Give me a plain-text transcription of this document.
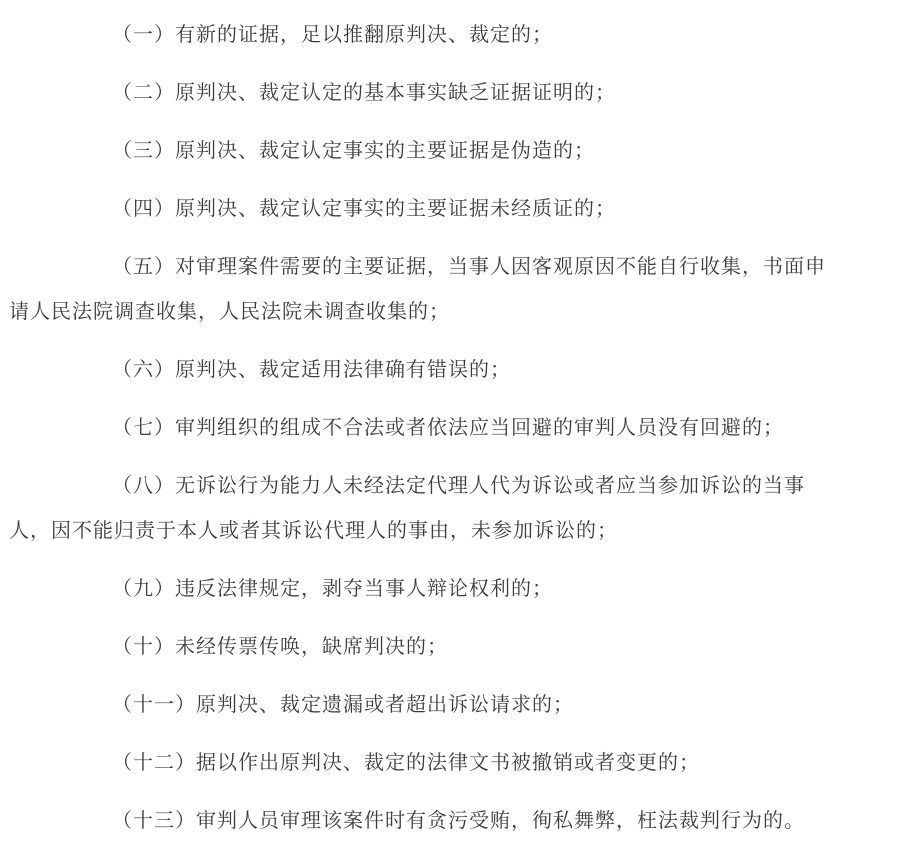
（一）有新的证据，足以推翻原判决、裁定的；
（二）原判决、裁定认定的基本事实缺乏证据证明的；
（三）原判决、裁定认定事实的主要证据是伪造的；
（四）原判决、裁定认定事实的主要证据未经质证的；
（五）对审理案件需要的主要证据，当事人因客观原因不能自行收集，书面申
请人民法院调查收集，人民法院未调查收集的；
（六）原判决、裁定适用法律确有错误的；
（七）审判组织的组成不合法或者依法应当回避的审判人员没有回避的；
（八）无诉讼行为能力人未经法定代理人代为诉讼或者应当参加诉讼的当事
人，因不能归责于本人或者其诉讼代理人的事由，未参加诉讼的；
（九）违反法律规定，剥夺当事人辩论权利的；
（十）未经传票传唤，缺席判决的；
（十一）原判决、裁定遗漏或者超出诉讼请求的；
（十二）据以作出原判决、裁定的法律文书被撤销或者变更的；
（十三）审判人员审理该案件时有贪污受贿，徇私舞弊，枉法裁判行为的。
